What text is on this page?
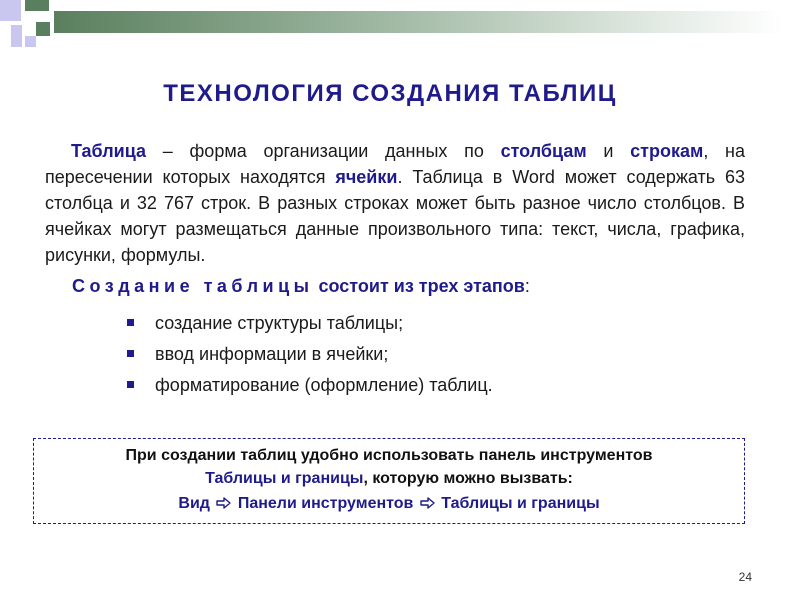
ТЕХНОЛОГИЯ СОЗДАНИЯ ТАБЛИЦ

Таблица – форма организации данных по столбцам и строкам, на пересечении которых находятся ячейки. Таблица в Word может содержать 63 столбца и 32 767 строк. В разных строках может быть разное число столбцов. В ячейках могут размещаться данные произвольного типа: текст, числа, графика, рисунки, формулы.

Создание таблицы состоит из трех этапов:
создание структуры таблицы;
ввод информации в ячейки;
форматирование (оформление) таблиц.
При создании таблиц удобно использовать панель инструментов
Таблицы и границы, которую можно вызвать:
Вид Панели инструментов Таблицы и границы
24
